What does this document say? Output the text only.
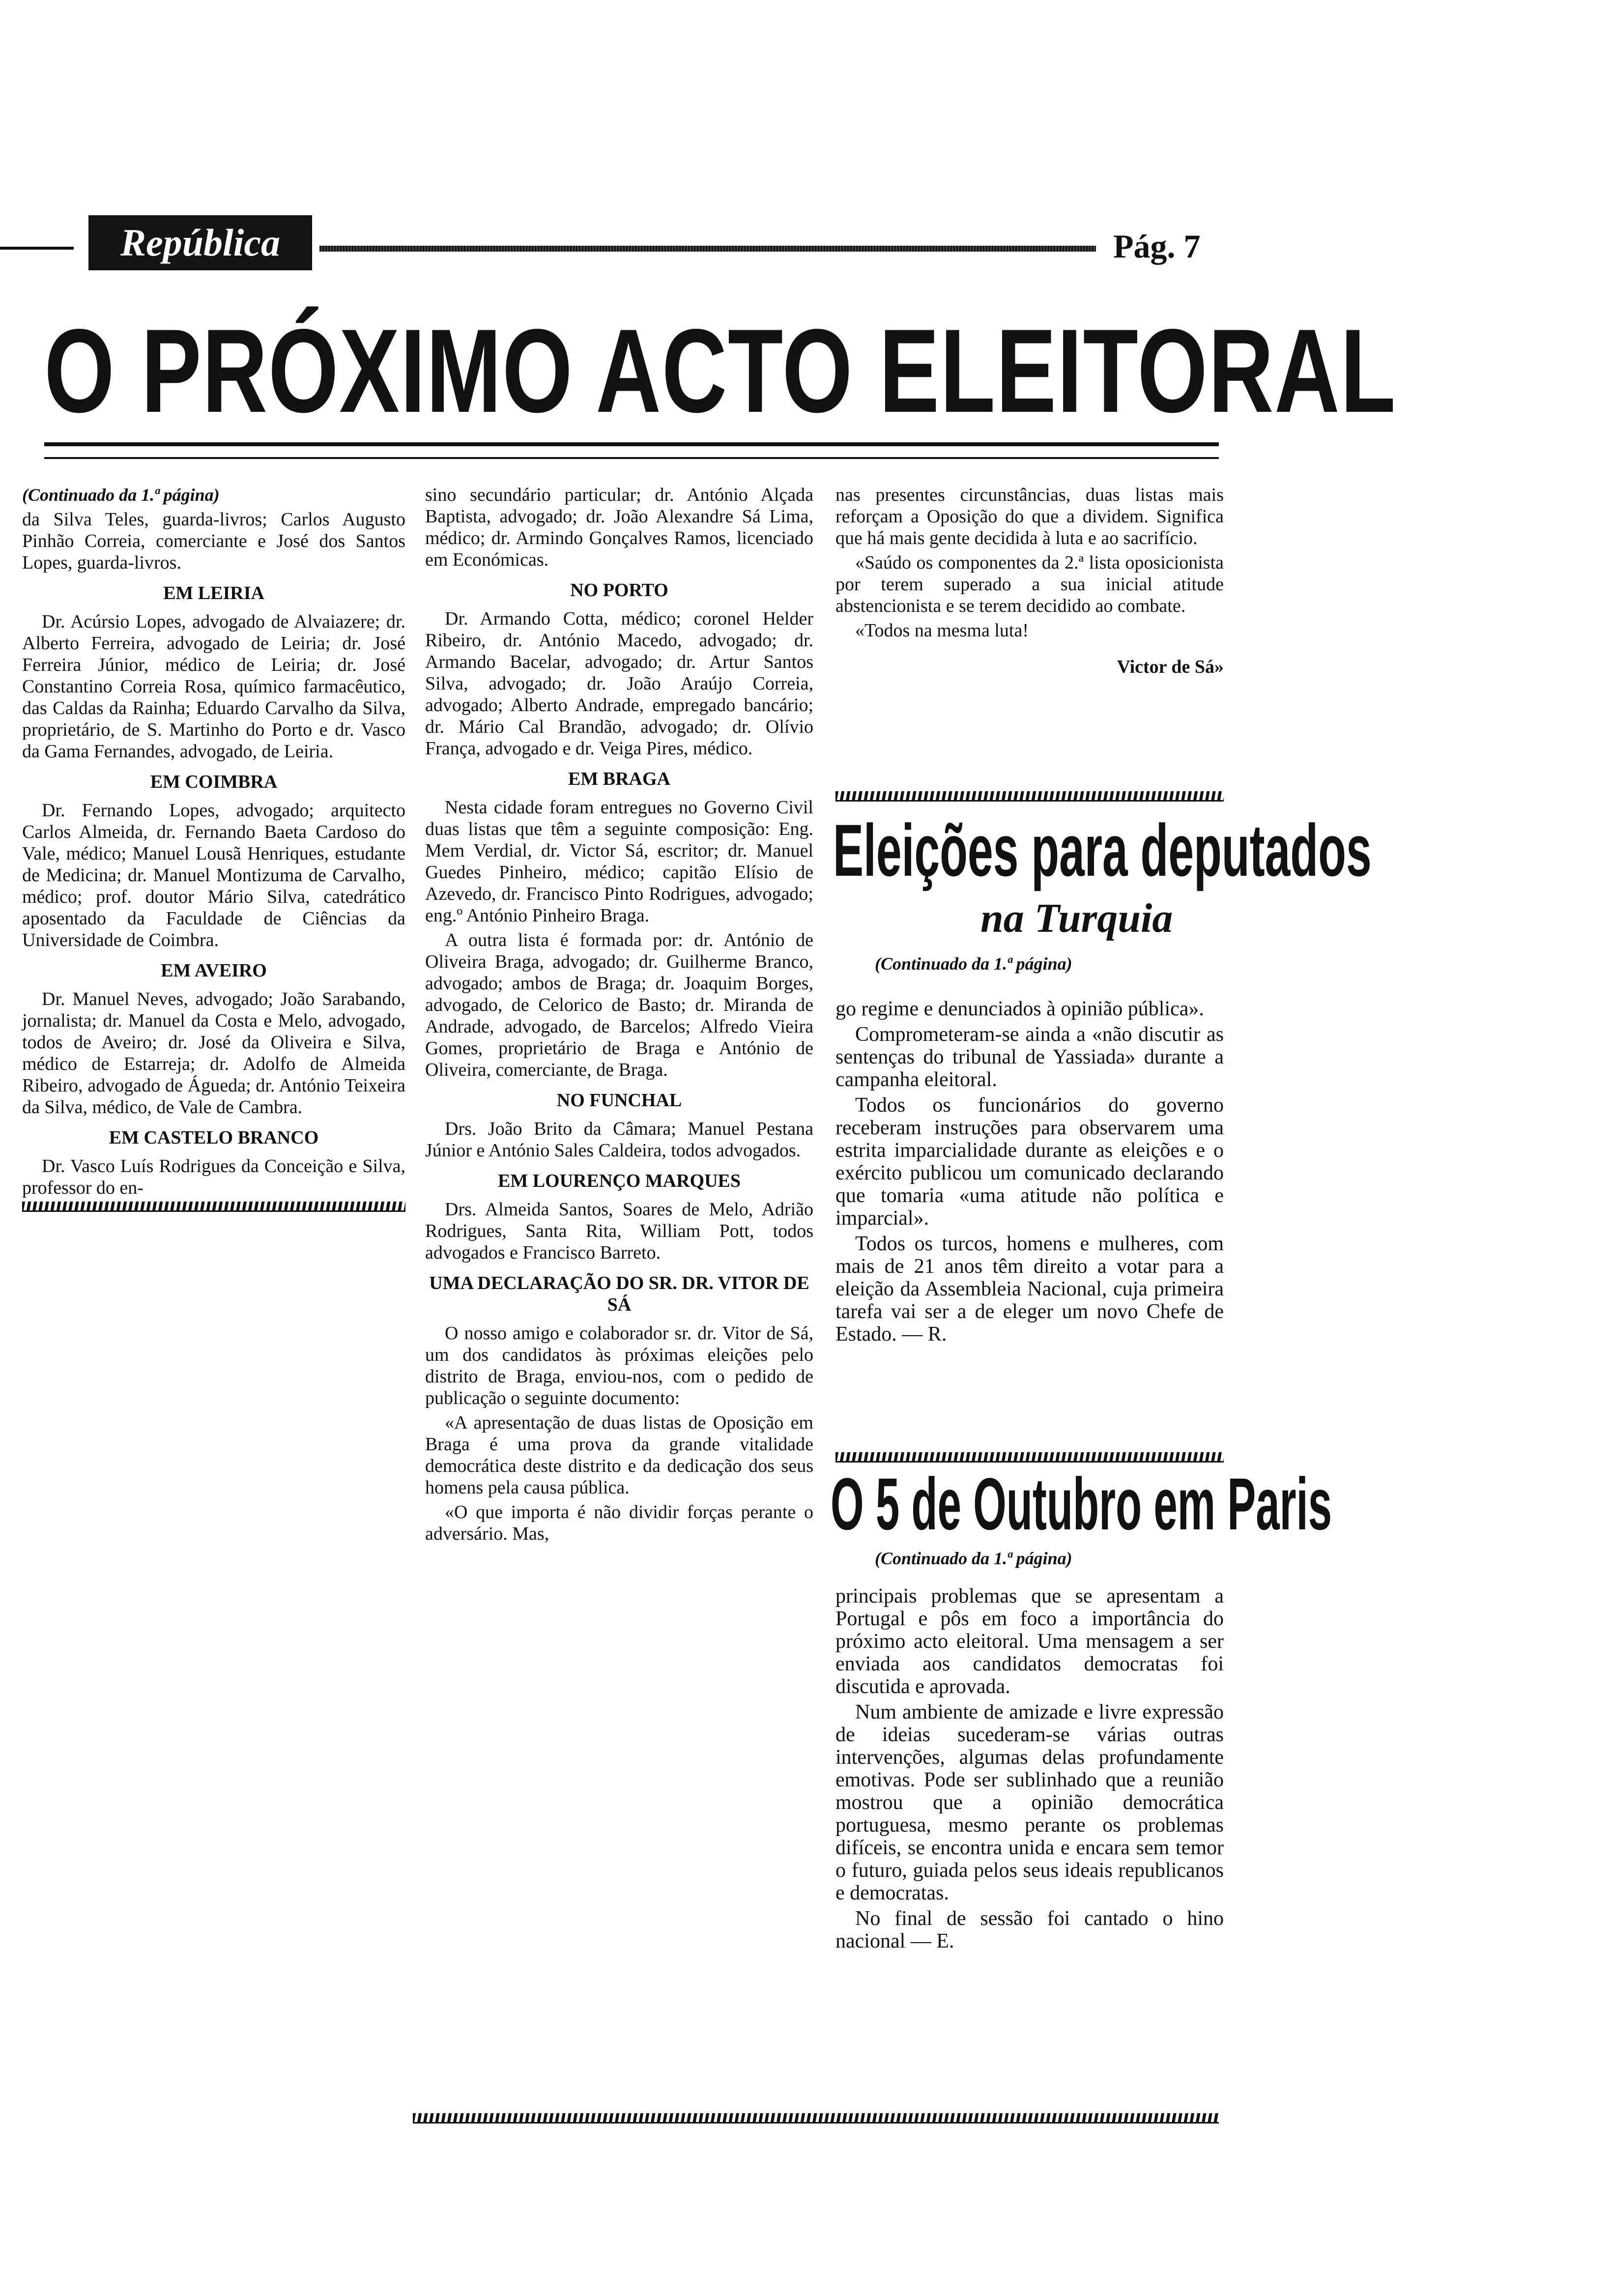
República	Pág. 7
O PRÓXIMO ACTO ELEITORAL

(Continuado da 1.ª página)

da Silva Teles, guarda-livros; Carlos Augusto Pinhão Correia, comerciante e José dos Santos Lopes, guarda-livros.

EM LEIRIA

Dr. Acúrsio Lopes, advogado de Alvaiazere; dr. Alberto Ferreira, advogado de Leiria; dr. José Ferreira Júnior, médico de Leiria; dr. José Constantino Correia Rosa, químico farmacêutico, das Caldas da Rainha; Eduardo Carvalho da Silva, proprietário, de S. Martinho do Porto e dr. Vasco da Gama Fernandes, advogado, de Leiria.

EM COIMBRA

Dr. Fernando Lopes, advogado; arquitecto Carlos Almeida, dr. Fernando Baeta Cardoso do Vale, médico; Manuel Lousã Henriques, estudante de Medicina; dr. Manuel Montizuma de Carvalho, médico; prof. doutor Mário Silva, catedrático aposentado da Faculdade de Ciências da Universidade de Coimbra.

EM AVEIRO

Dr. Manuel Neves, advogado; João Sarabando, jornalista; dr. Manuel da Costa e Melo, advogado, todos de Aveiro; dr. José da Oliveira e Silva, médico de Estarreja; dr. Adolfo de Almeida Ribeiro, advogado de Águeda; dr. António Teixeira da Silva, médico, de Vale de Cambra.

EM CASTELO BRANCO

Dr. Vasco Luís Rodrigues da Conceição e Silva, professor do en-

sino secundário particular; dr. António Alçada Baptista, advogado; dr. João Alexandre Sá Lima, médico; dr. Armindo Gonçalves Ramos, licenciado em Económicas.

NO PORTO

Dr. Armando Cotta, médico; coronel Helder Ribeiro, dr. António Macedo, advogado; dr. Armando Bacelar, advogado; dr. Artur Santos Silva, advogado; dr. João Araújo Correia, advogado; Alberto Andrade, empregado bancário; dr. Mário Cal Brandão, advogado; dr. Olívio França, advogado e dr. Veiga Pires, médico.

EM BRAGA

Nesta cidade foram entregues no Governo Civil duas listas que têm a seguinte composição: Eng. Mem Verdial, dr. Victor Sá, escritor; dr. Manuel Guedes Pinheiro, médico; capitão Elísio de Azevedo, dr. Francisco Pinto Rodrigues, advogado; eng.º António Pinheiro Braga.

A outra lista é formada por: dr. António de Oliveira Braga, advogado; dr. Guilherme Branco, advogado; ambos de Braga; dr. Joaquim Borges, advogado, de Celorico de Basto; dr. Miranda de Andrade, advogado, de Barcelos; Alfredo Vieira Gomes, proprietário de Braga e António de Oliveira, comerciante, de Braga.

NO FUNCHAL

Drs. João Brito da Câmara; Manuel Pestana Júnior e António Sales Caldeira, todos advogados.

EM LOURENÇO MARQUES

Drs. Almeida Santos, Soares de Melo, Adrião Rodrigues, Santa Rita, William Pott, todos advogados e Francisco Barreto.

UMA DECLARAÇÃO DO SR. DR. VITOR DE SÁ

O nosso amigo e colaborador sr. dr. Vitor de Sá, um dos candidatos às próximas eleições pelo distrito de Braga, enviou-nos, com o pedido de publicação o seguinte documento:

«A apresentação de duas listas de Oposição em Braga é uma prova da grande vitalidade democrática deste distrito e da dedicação dos seus homens pela causa pública.

«O que importa é não dividir forças perante o adversário. Mas,

nas presentes circunstâncias, duas listas mais reforçam a Oposição do que a dividem. Significa que há mais gente decidida à luta e ao sacrifício.

«Saúdo os componentes da 2.ª lista oposicionista por terem superado a sua inicial atitude abstencionista e se terem decidido ao combate.

«Todos na mesma luta!

Victor de Sá»

Eleições para deputados
na Turquia
(Continuado da 1.ª página)

go regime e denunciados à opinião pública».

Comprometeram-se ainda a «não discutir as sentenças do tribunal de Yassiada» durante a campanha eleitoral.

Todos os funcionários do governo receberam instruções para observarem uma estrita imparcialidade durante as eleições e o exército publicou um comunicado declarando que tomaria «uma atitude não política e imparcial».

Todos os turcos, homens e mulheres, com mais de 21 anos têm direito a votar para a eleição da Assembleia Nacional, cuja primeira tarefa vai ser a de eleger um novo Chefe de Estado. — R.

O 5 de Outubro em Paris
(Continuado da 1.ª página)

principais problemas que se apresentam a Portugal e pôs em foco a importância do próximo acto eleitoral. Uma mensagem a ser enviada aos candidatos democratas foi discutida e aprovada.

Num ambiente de amizade e livre expressão de ideias sucederam-se várias outras intervenções, algumas delas profundamente emotivas. Pode ser sublinhado que a reunião mostrou que a opinião democrática portuguesa, mesmo perante os problemas difíceis, se encontra unida e encara sem temor o futuro, guiada pelos seus ideais republicanos e democratas.

No final de sessão foi cantado o hino nacional — E.
